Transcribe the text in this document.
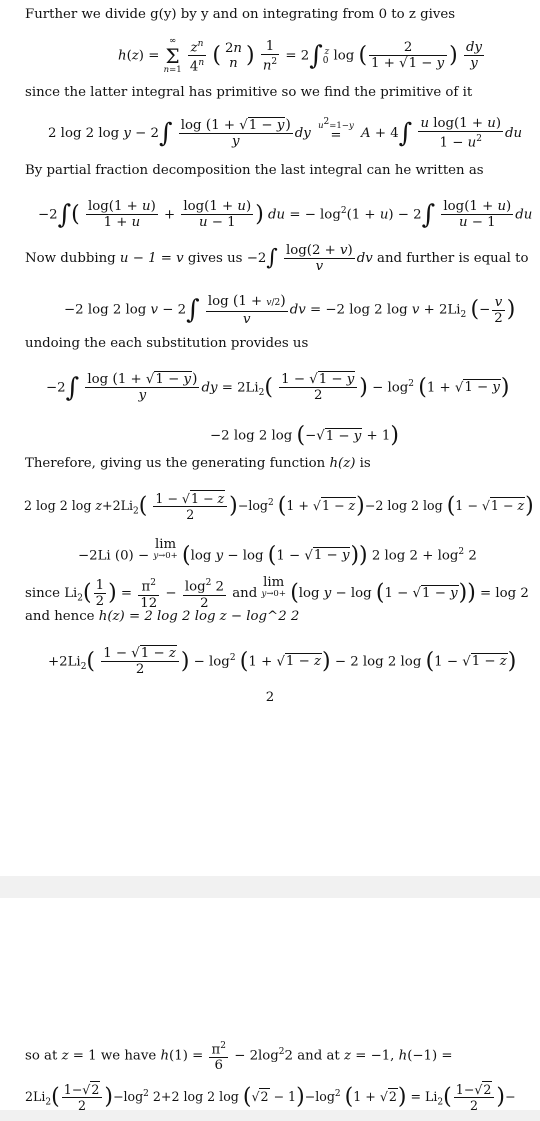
Further we divide g(y) by y and on integrating from 0 to z gives
h(z) =
∞
Σ
n=1
$\frac{z^n}{4^n}$ ( 2n
n ) $\frac{1}{n^2} = 2\int_0^z$ log ( $\frac{2}{1 + √1 - y}$ ) $\frac{dy}{y}$
since the latter integral has primitive so we find the primitive of it
2 log 2 $\log y - 2\int \frac{\log (1 + √1 - y)}{y}$ dy
u2=1−y
=
	$A + 4\int \frac{\text{u log(1 + u)}}{1 - u^2}$ du
By partial fraction decomposition the last integral can he written as
$-2\int( \frac{\log(1 + u)}{1 + u} + \frac{\log(1 + u)}{u - 1}$ ) du = − $\log^2(1 + u) - 2\int \frac{\log(1 + u)}{u - 1}$ du
Now dubbing u − 1 = v gives us $-2\int \frac{\log(2 + v)}{v}$ dv and further is equal to
−2 log 2 $\log v - 2\int \frac{\log (1 + v/2)}{v}$ dv = −2 log 2 $\log v + 2Li_2$ (− $\frac{v}{2}$ )
undoing the each substitution provides us
$-2\int \frac{\log (1 + √1 - y)}{y}$ dy = $2Li_2( \frac{1 - √1 - y}{2}$ ) − $\log^2 (1 + √1 - y)$
−2 log 2 log (−√1 − y + 1)
Therefore, giving us the generating function h(z) is
2 log 2 $\log z+2Li_2( \frac{1 - √1 - z}{2} )-\log^2$ (1 + √1 − z)−2 log 2 log (1 − √1 − z)
−2Li (0) − lim
y→0+ (log y − log (1 − √1 − y)) 2 $\log 2 + \log^2 2$
since $Li_2( \frac{1}{2}$ ) = $\frac{\pi^2}{12} - \frac{\log^2 2}{2}$ and lim
y→0+ (log y − log (1 − √1 − y)) = log 2
and hence h(z) = 2 log 2 log z − log^2 2
$+2Li_2( \frac{1 - √1 - z}{2}$ ) − $\log^2 (1 + √1 - z) - 2$ log 2 log (1 − √1 − z)
2
so at z = 1 we have $h(1) = \frac{\pi^2}{6} - 2\log^22$ and at z = −1, h(−1) =
$2Li_2( \frac{1-√2}{2} )-\log^2$ 2+2 log 2 $\log (√2 - 1)-\log^2$ $(1 + √2) = Li_2( \frac{1-√2}{2}$ )−
